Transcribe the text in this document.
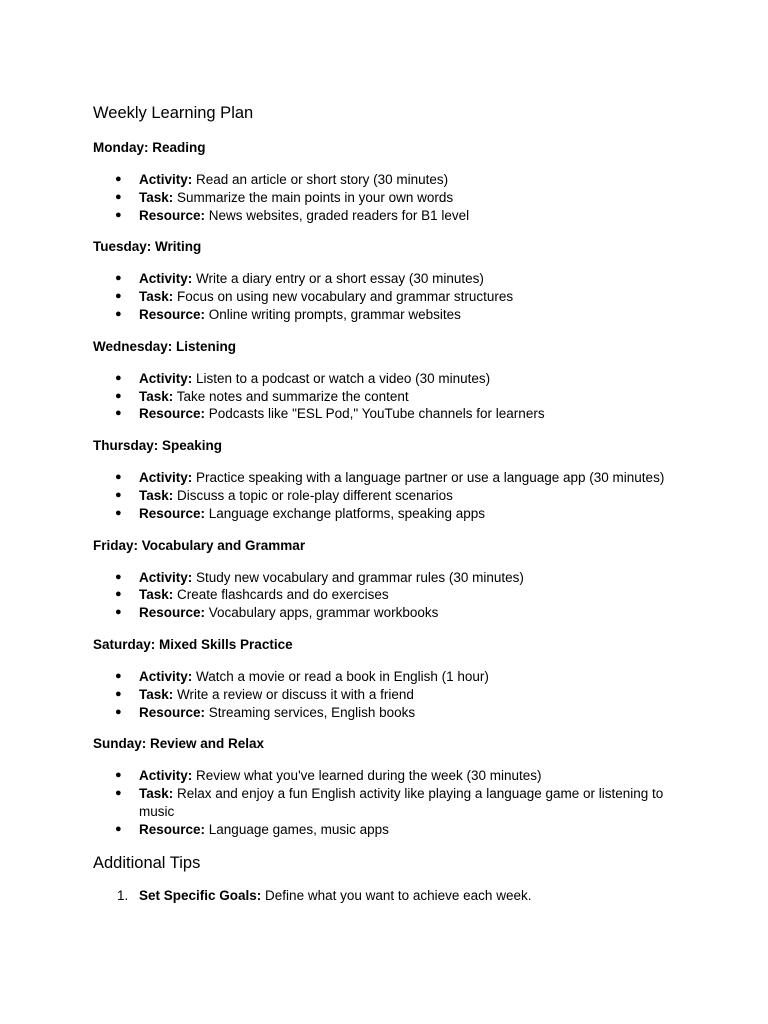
Weekly Learning Plan
Monday: Reading
● Activity: Read an article or short story (30 minutes)
● Task: Summarize the main points in your own words
● Resource: News websites, graded readers for B1 level
Tuesday: Writing
● Activity: Write a diary entry or a short essay (30 minutes)
● Task: Focus on using new vocabulary and grammar structures
● Resource: Online writing prompts, grammar websites
Wednesday: Listening
● Activity: Listen to a podcast or watch a video (30 minutes)
● Task: Take notes and summarize the content
● Resource: Podcasts like "ESL Pod," YouTube channels for learners
Thursday: Speaking
● Activity: Practice speaking with a language partner or use a language app (30 minutes)
● Task: Discuss a topic or role-play different scenarios
● Resource: Language exchange platforms, speaking apps
Friday: Vocabulary and Grammar
● Activity: Study new vocabulary and grammar rules (30 minutes)
● Task: Create flashcards and do exercises
● Resource: Vocabulary apps, grammar workbooks
Saturday: Mixed Skills Practice
● Activity: Watch a movie or read a book in English (1 hour)
● Task: Write a review or discuss it with a friend
● Resource: Streaming services, English books
Sunday: Review and Relax
● Activity: Review what you've learned during the week (30 minutes)
● Task: Relax and enjoy a fun English activity like playing a language game or listening to music
● Resource: Language games, music apps
Additional Tips
1. Set Specific Goals: Define what you want to achieve each week.
